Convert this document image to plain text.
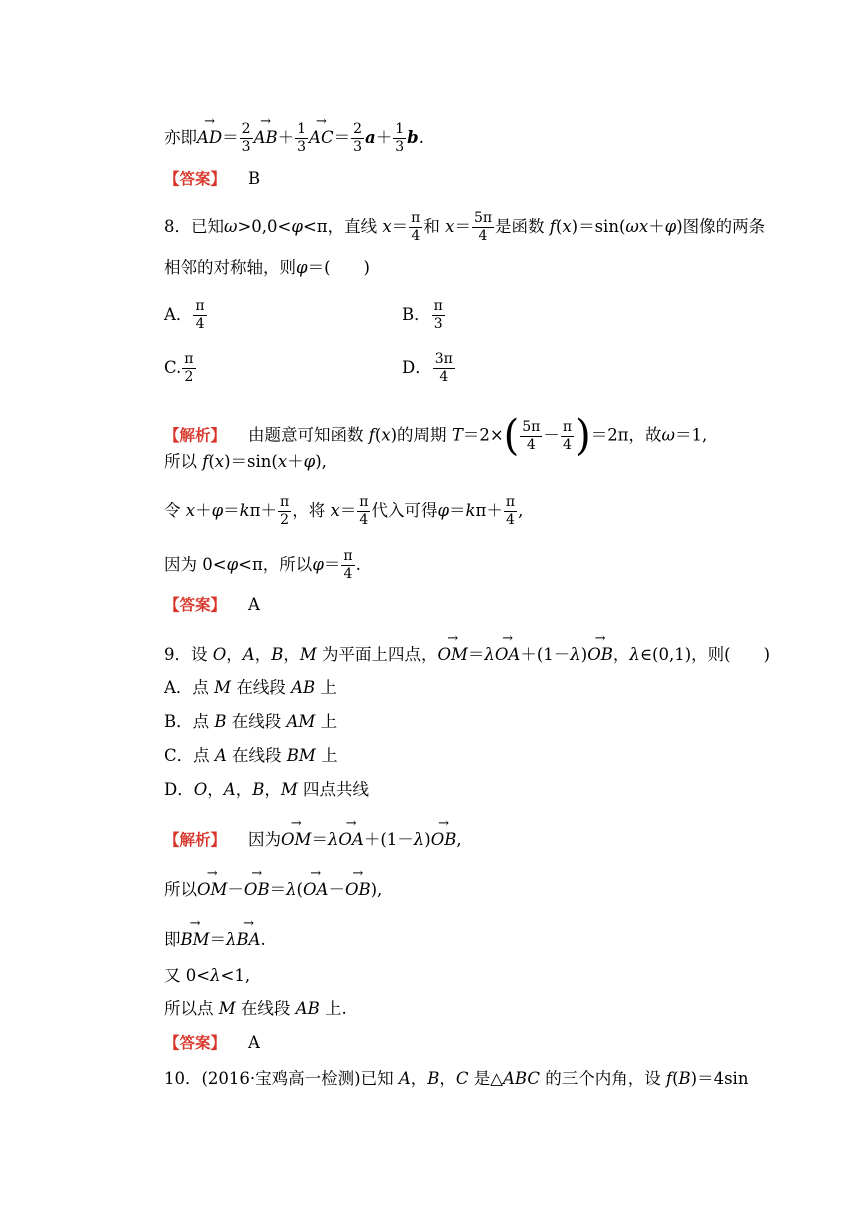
亦即→ $AD= \frac{2}{3}$
→ $AB+ \frac{1}{3}$
→ $AC= \frac{2}{3} a+ \frac{1}{3} b$.
【答案】 B
8．已知ω>0,0<φ<π，直线 $x= \frac{\pi}{4}$ 和 $x= \frac{5\pi}{4}$ 是函数 f(x)＝sin(ωx＋φ)图像的两条
相邻的对称轴，则φ＝(　　)
A． $\frac{\pi}{4}$	B． $\frac{\pi}{3}$
C. $\frac{\pi}{2}$	D． $\frac{3\pi}{4}$
【解析】 由题意可知函数 f(x)的周期 $T=2\times( \frac{5\pi}{4} - \frac{\pi}{4} )=2\pi$，故ω＝1,
所以 f(x)＝sin(x＋φ),
令 $x+\varphi=k\pi+ \frac{\pi}{2}$ ，将 $x= \frac{\pi}{4}$ 代入可得$\varphi=k\pi+ \frac{\pi}{4}$ ,
因为 0<φ<π，所以$\varphi= \frac{\pi}{4}$ .
【答案】 A
9．设 O，A，B，M 为平面上四点，→ OM＝λ→ OA＋(1－λ)→ OB，λ∈(0,1)，则(　　)
A．点 M 在线段 AB 上
B．点 B 在线段 AM 上
C．点 A 在线段 BM 上
D．O，A，B，M 四点共线
【解析】 因为→ OM＝λ→ OA＋(1－λ)→ OB,
所以→ OM－→ OB＝λ(→ OA－→ OB),
即→ BM＝λ→ BA.
又 0<λ<1,
所以点 M 在线段 AB 上.
【答案】 A
10．(2016·宝鸡高一检测)已知 A，B，C 是△ABC 的三个内角，设 f(B)＝4sin
